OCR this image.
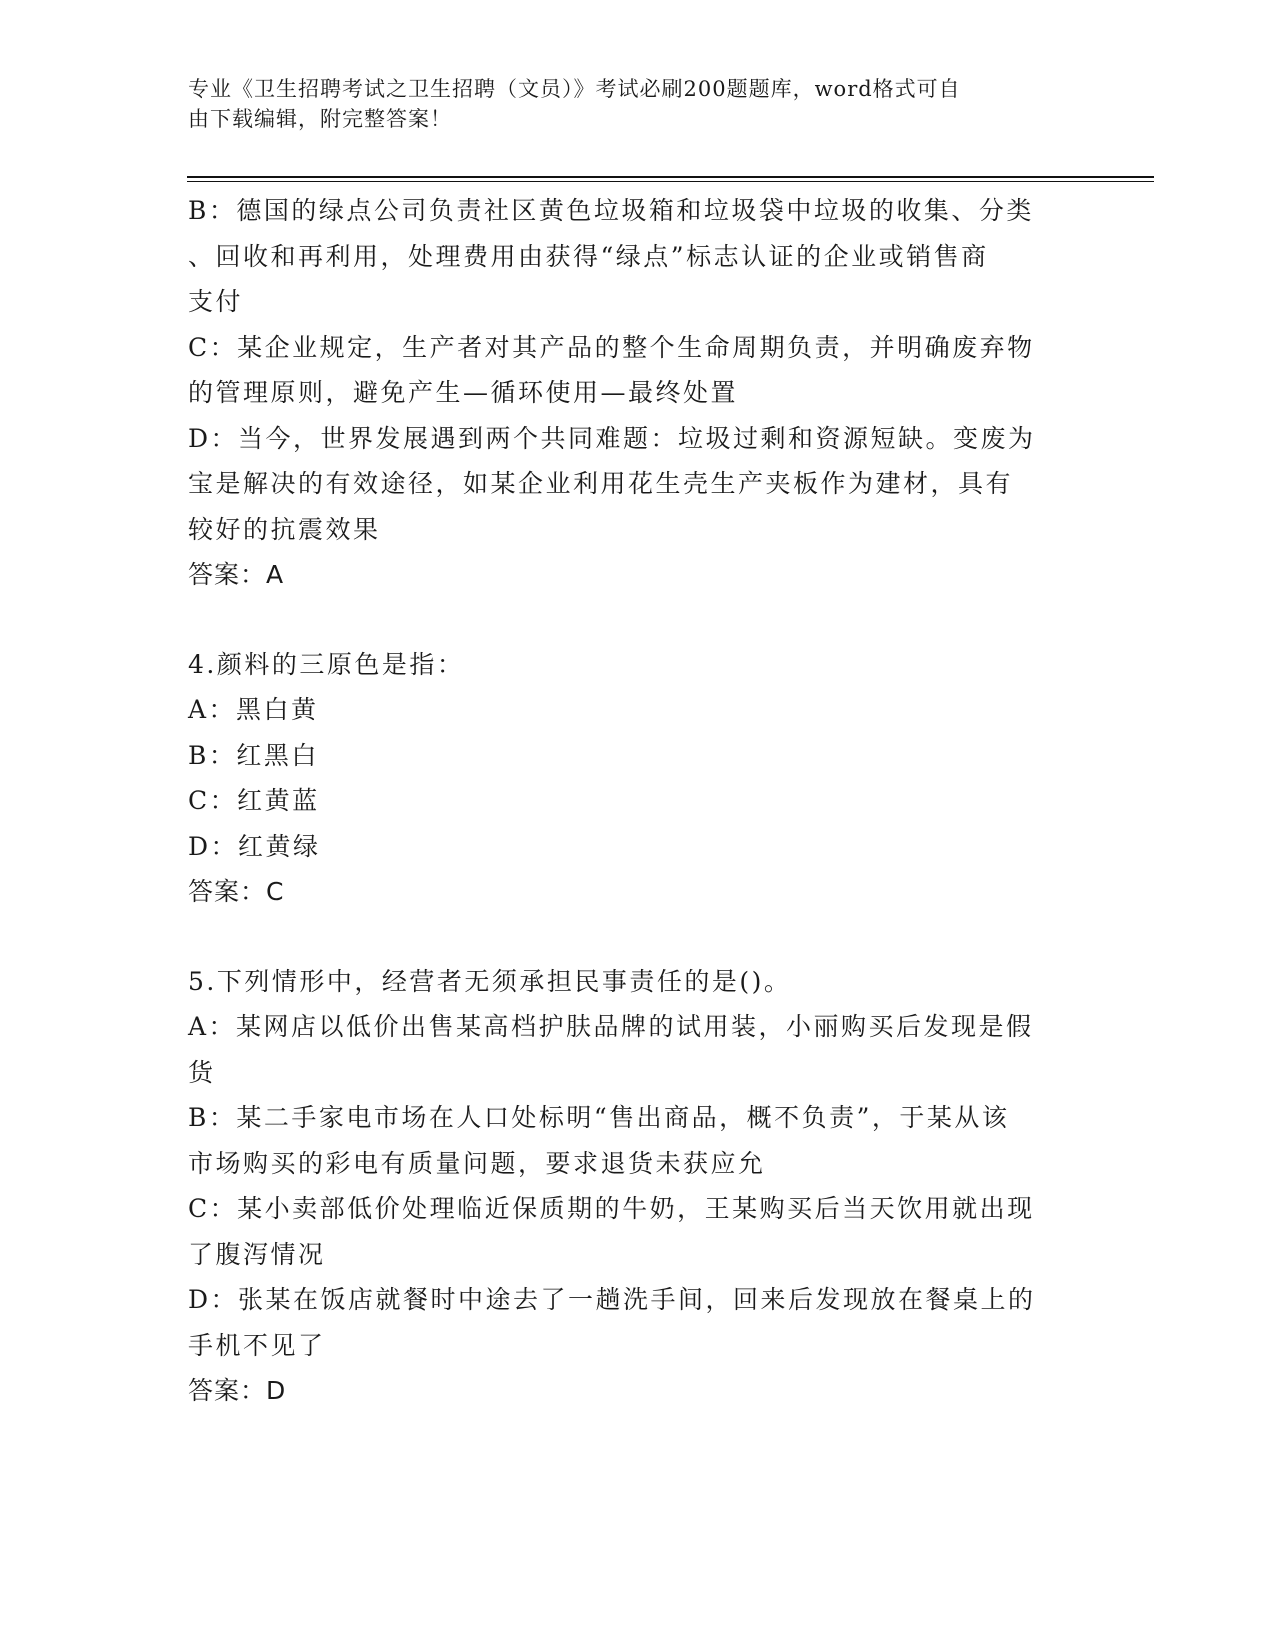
专业《卫生招聘考试之卫生招聘（文员）》考试必刷200题题库，word格式可自

由下载编辑，附完整答案！

B：德国的绿点公司负责社区黄色垃圾箱和垃圾袋中垃圾的收集、分类

、回收和再利用，处理费用由获得“绿点”标志认证的企业或销售商

支付

C：某企业规定，生产者对其产品的整个生命周期负责，并明确废弃物

的管理原则，避免产生—循环使用—最终处置

D：当今，世界发展遇到两个共同难题：垃圾过剩和资源短缺。变废为

宝是解决的有效途径，如某企业利用花生壳生产夹板作为建材，具有

较好的抗震效果

答案：A

4.颜料的三原色是指：

A：黑白黄

B：红黑白

C：红黄蓝

D：红黄绿

答案：C

5.下列情形中，经营者无须承担民事责任的是()。

A：某网店以低价出售某高档护肤品牌的试用装，小丽购买后发现是假

货

B：某二手家电市场在人口处标明“售出商品，概不负责”，于某从该

市场购买的彩电有质量问题，要求退货未获应允

C：某小卖部低价处理临近保质期的牛奶，王某购买后当天饮用就出现

了腹泻情况

D：张某在饭店就餐时中途去了一趟洗手间，回来后发现放在餐桌上的

手机不见了

答案：D
